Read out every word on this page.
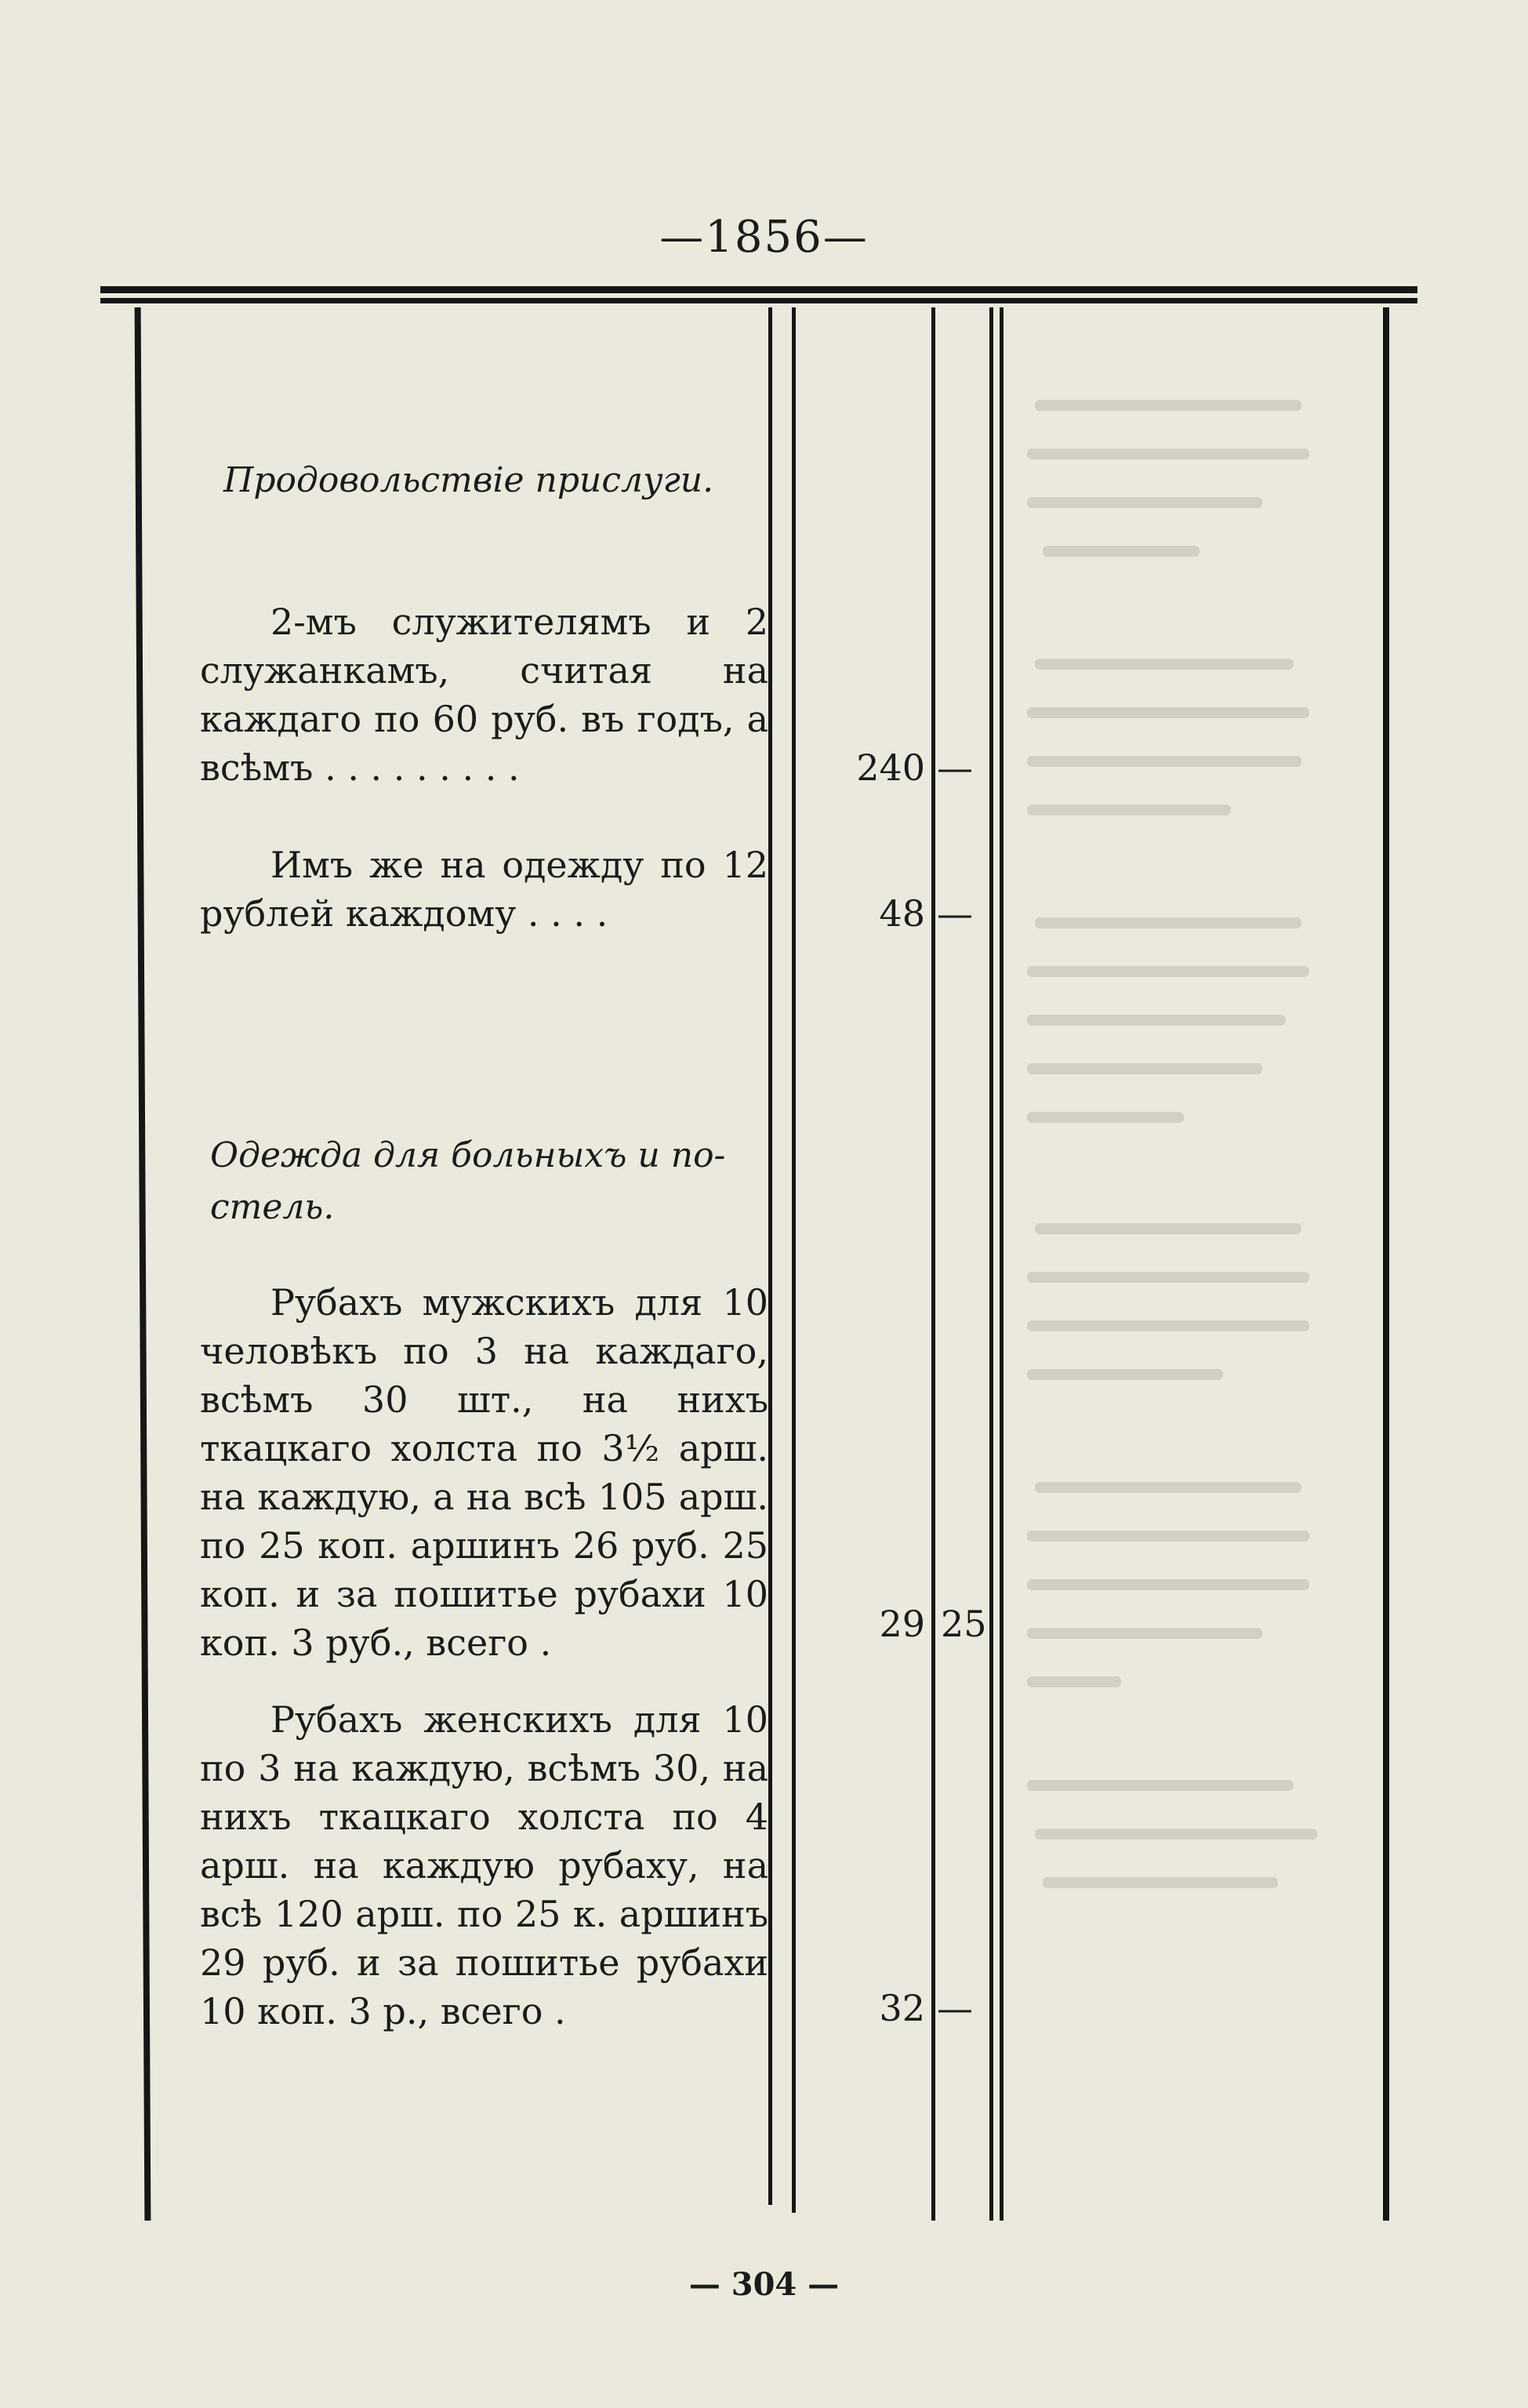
—1856—
Продовольствіе прислуги.

2-мъ служителямъ и 2 служанкамъ, считая на каждаго по 60 руб. въ годъ, а всѣмъ . . . . . . . . .	240 —

Имъ же на одежду по 12 рублей каждому . . . .	48 —

Одежда для больныхъ и по-
стель.

Рубахъ мужскихъ для 10 человѣкъ по 3 на каждаго, всѣмъ 30 шт., на нихъ ткацкаго холста по 3½ арш. на каждую, а на всѣ 105 арш. по 25 коп. аршинъ 26 руб. 25 коп. и за пошитье рубахи 10 коп. 3 руб., всего .	29 25

Рубахъ женскихъ для 10 по 3 на каждую, всѣмъ 30, на нихъ ткацкаго холста по 4 арш. на каждую рубаху, на всѣ 120 арш. по 25 к. аршинъ 29 руб. и за пошитье рубахи 10 коп. 3 р., всего .	32 —
— 304 —
